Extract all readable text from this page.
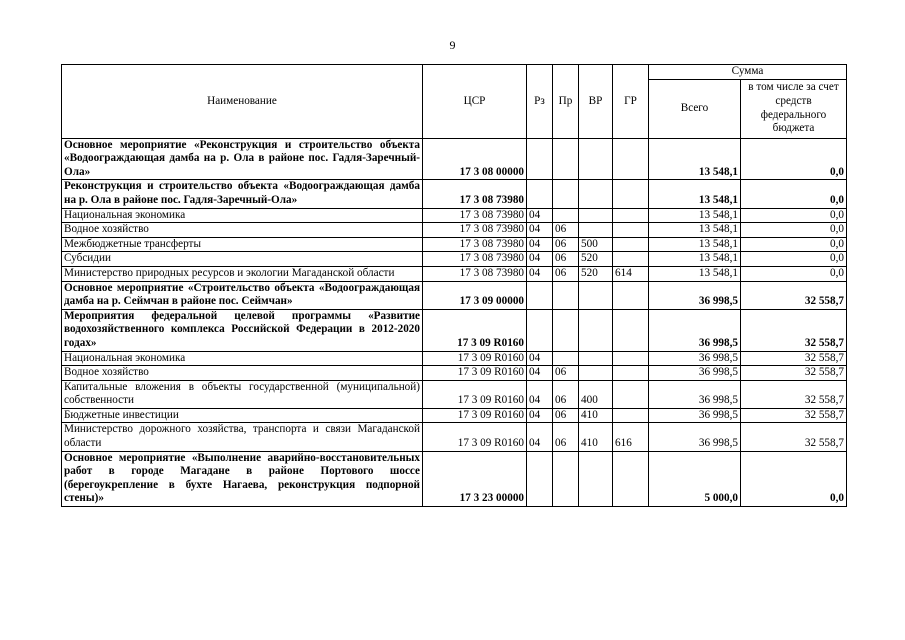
9
Наименование	ЦСР	Рз	Пр	ВР	ГР	Сумма	
						Всего	в том числе за счет средств федерального бюджета
Основное мероприятие «Реконструкция и строительство объекта «Водоограждающая дамба на р. Ола в районе пос. Гадля-Заречный-Ола»	17 3 08 00000					13 548,1	0,0
Реконструкция и строительство объекта «Водоограждающая дамба на р. Ола в районе пос. Гадля-Заречный-Ола»	17 3 08 73980					13 548,1	0,0
Национальная экономика	17 3 08 73980	04				13 548,1	0,0
Водное хозяйство	17 3 08 73980	04	06			13 548,1	0,0
Межбюджетные трансферты	17 3 08 73980	04	06	500		13 548,1	0,0
Субсидии	17 3 08 73980	04	06	520		13 548,1	0,0
Министерство природных ресурсов и экологии Магаданской области	17 3 08 73980	04	06	520	614	13 548,1	0,0
Основное мероприятие «Строительство объекта «Водоограждающая дамба на р. Сеймчан в районе пос. Сеймчан»	17 3 09 00000					36 998,5	32 558,7
Мероприятия федеральной целевой программы «Развитие водохозяйственного комплекса Российской Федерации в 2012-2020 годах»	17 3 09 R0160					36 998,5	32 558,7
Национальная экономика	17 3 09 R0160	04				36 998,5	32 558,7
Водное хозяйство	17 3 09 R0160	04	06			36 998,5	32 558,7
Капитальные вложения в объекты государственной (муниципальной) собственности	17 3 09 R0160	04	06	400		36 998,5	32 558,7
Бюджетные инвестиции	17 3 09 R0160	04	06	410		36 998,5	32 558,7
Министерство дорожного хозяйства, транспорта и связи Магаданской области	17 3 09 R0160	04	06	410	616	36 998,5	32 558,7
Основное мероприятие «Выполнение аварийно-восстановительных работ в городе Магадане в районе Портового шоссе (берегоукрепление в бухте Нагаева, реконструкция подпорной стены)»	17 3 23 00000					5 000,0	0,0
